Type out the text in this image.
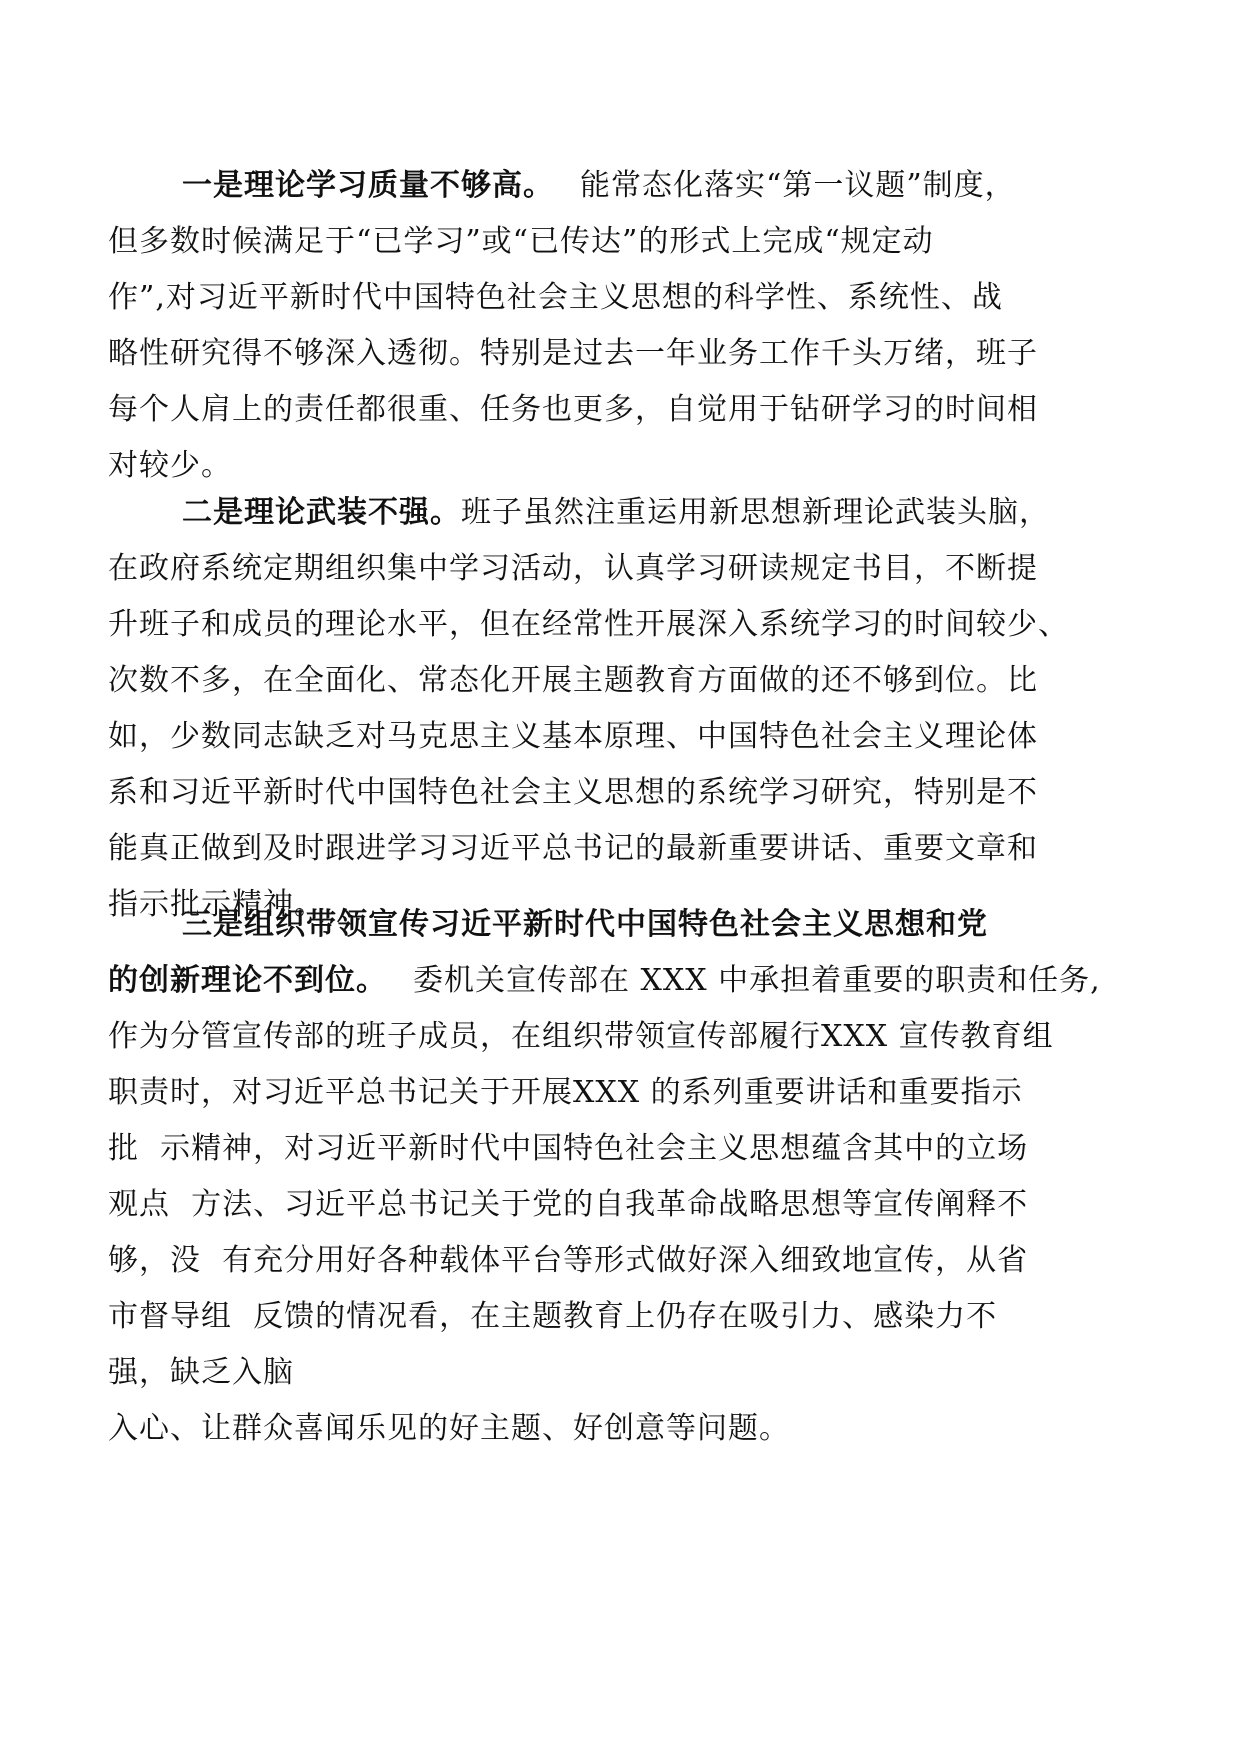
一是理论学习质量不够高。 能常态化落实“第一议题”制度，
但多数时候满足于“已学习”或“已传达”的形式上完成“规定动
作”,对习近平新时代中国特色社会主义思想的科学性、系统性、战
略性研究得不够深入透彻。特别是过去一年业务工作千头万绪，班子
每个人肩上的责任都很重、任务也更多，自觉用于钻研学习的时间相
对较少。
二是理论武装不强。班子虽然注重运用新思想新理论武装头脑，
在政府系统定期组织集中学习活动，认真学习研读规定书目，不断提
升班子和成员的理论水平，但在经常性开展深入系统学习的时间较少、
次数不多，在全面化、常态化开展主题教育方面做的还不够到位。比
如，少数同志缺乏对马克思主义基本原理、中国特色社会主义理论体
系和习近平新时代中国特色社会主义思想的系统学习研究，特别是不
能真正做到及时跟进学习习近平总书记的最新重要讲话、重要文章和
指示批示精神。
三是组织带领宣传习近平新时代中国特色社会主义思想和党
的创新理论不到位。 委机关宣传部在 XXX 中承担着重要的职责和任务,
作为分管宣传部的班子成员，在组织带领宣传部履行XXX 宣传教育组
职责时，对习近平总书记关于开展XXX 的系列重要讲话和重要指示
批  示精神，对习近平新时代中国特色社会主义思想蕴含其中的立场
观点  方法、习近平总书记关于党的自我革命战略思想等宣传阐释不
够，没  有充分用好各种载体平台等形式做好深入细致地宣传，从省
市督导组  反馈的情况看，在主题教育上仍存在吸引力、感染力不
强，缺乏入脑
入心、让群众喜闻乐见的好主题、好创意等问题。
